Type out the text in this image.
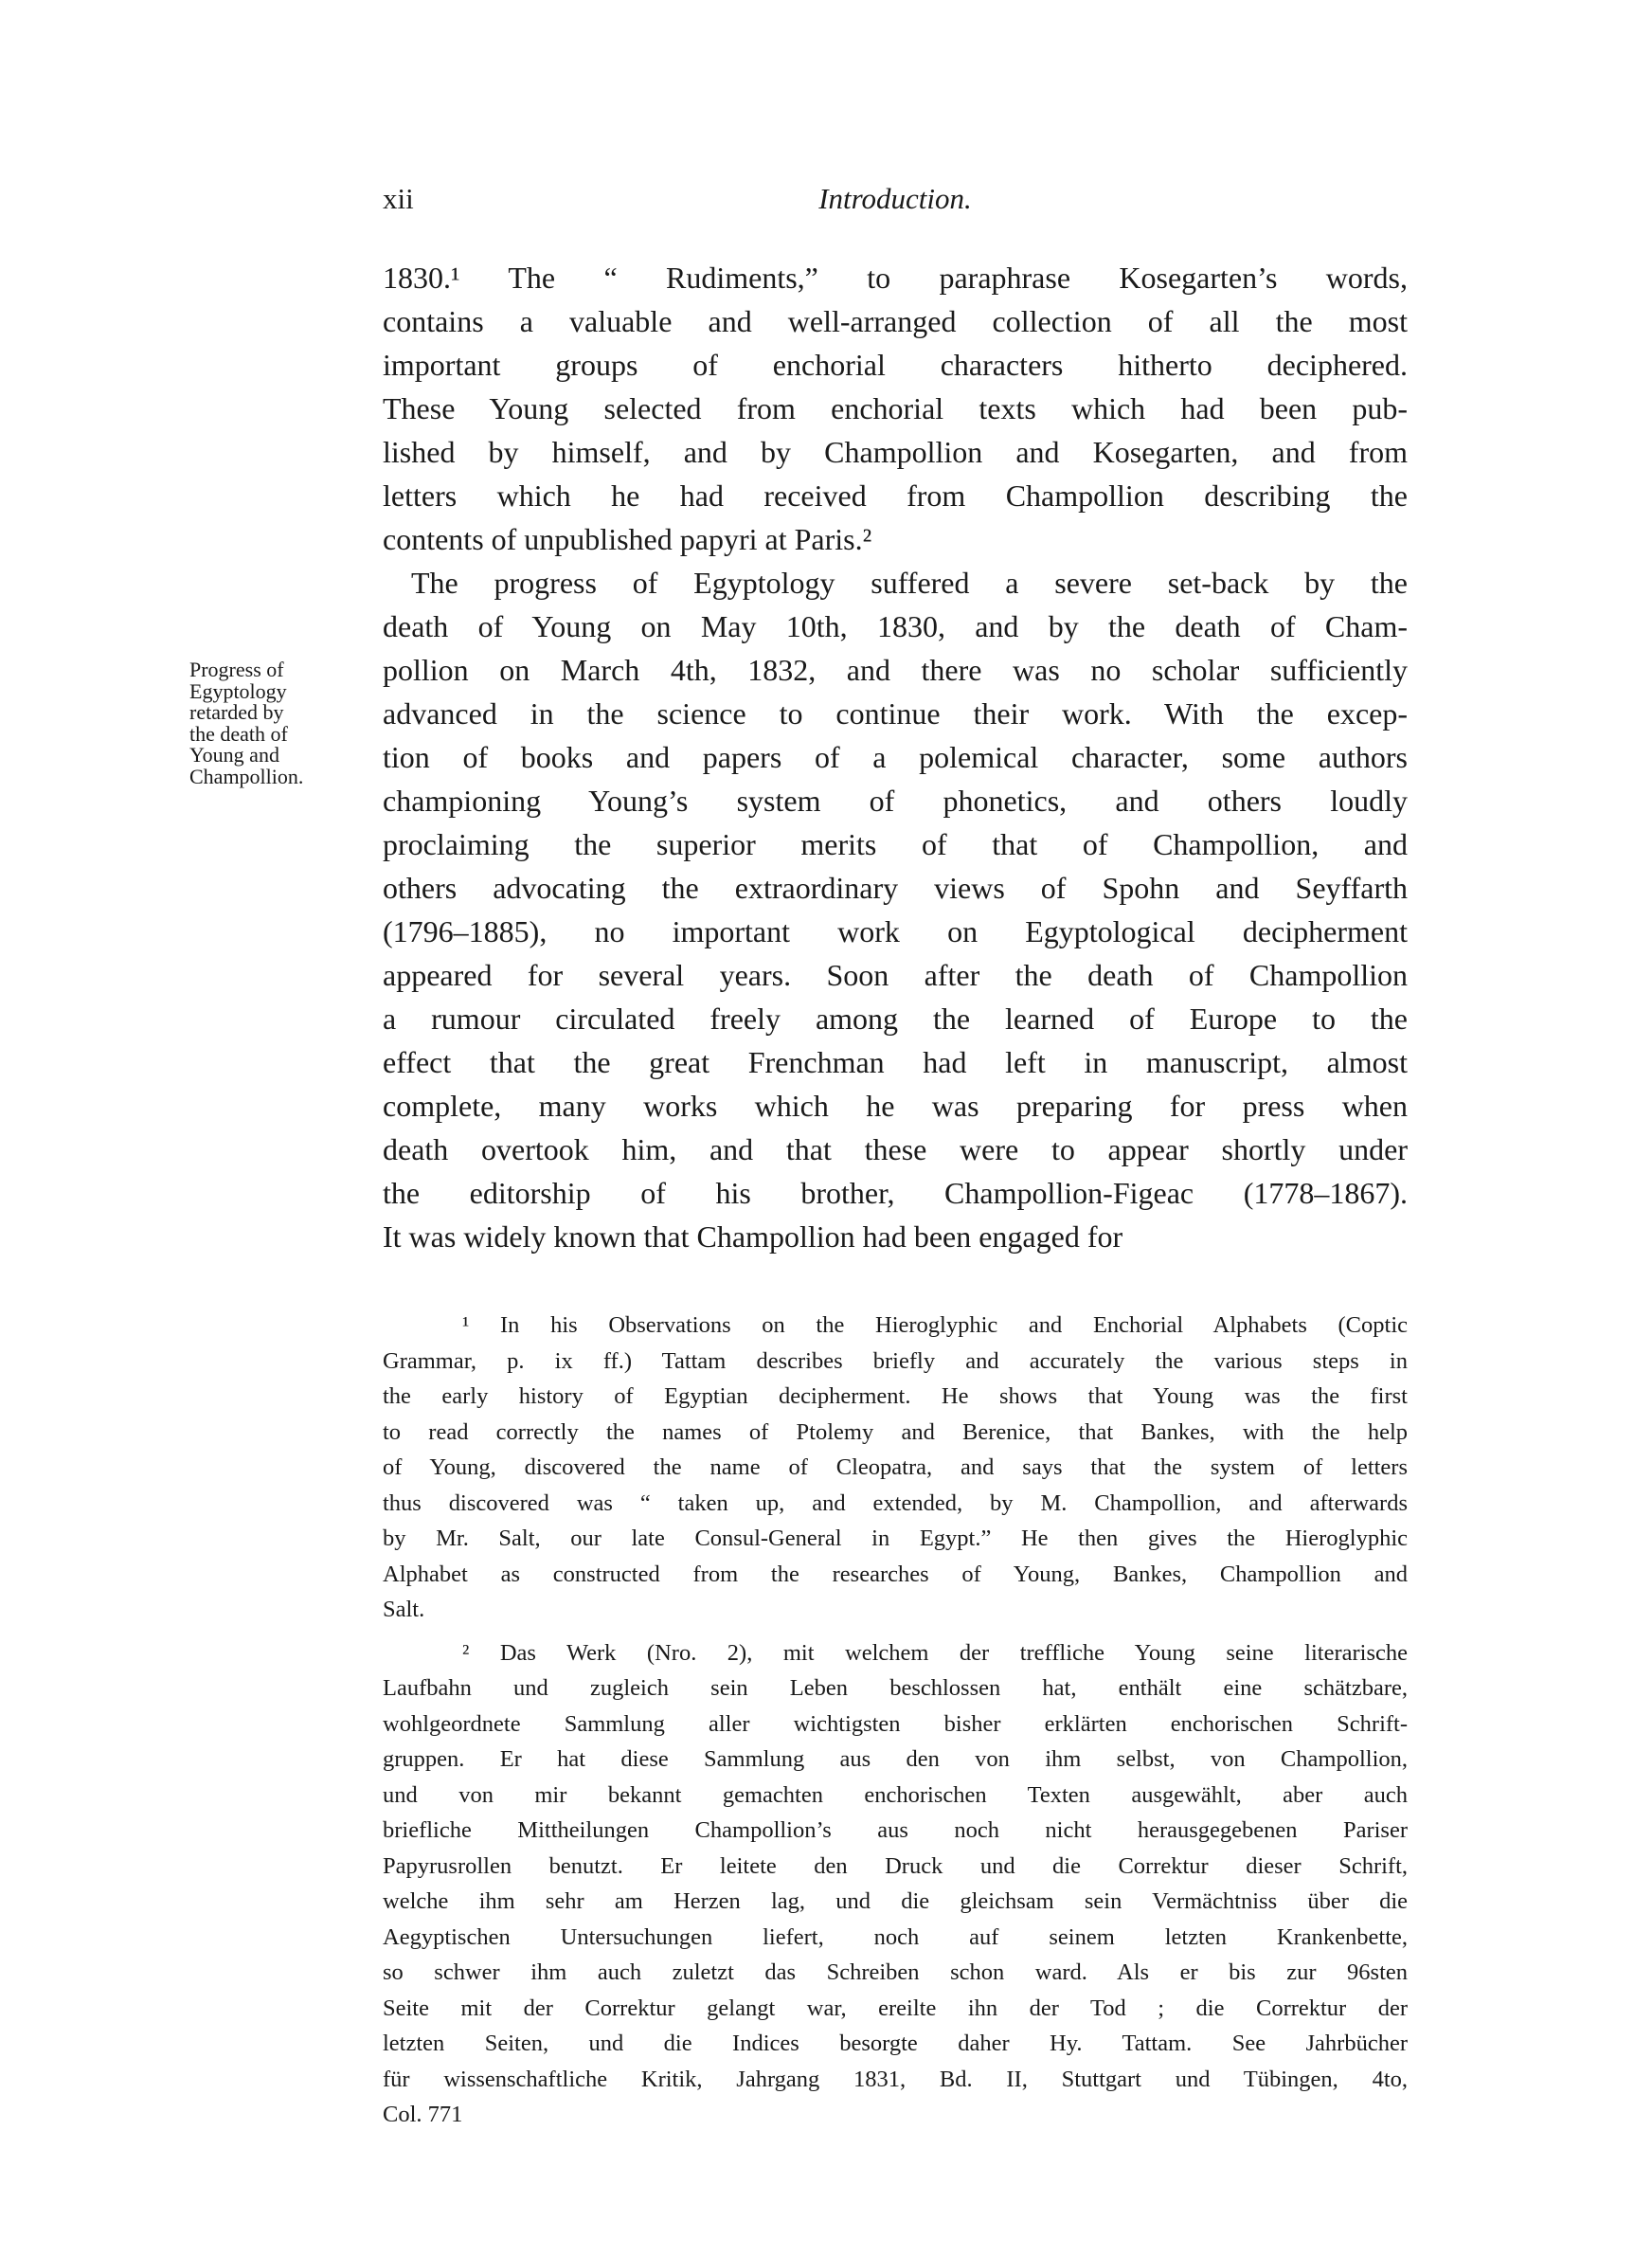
xii	Introduction.
1830.¹ The “ Rudiments,” to paraphrase Kosegarten’s words,
contains a valuable and well-arranged collection of all the most
important groups of enchorial characters hitherto deciphered.
These Young selected from enchorial texts which had been pub-
lished by himself, and by Champollion and Kosegarten, and from
letters which he had received from Champollion describing the
contents of unpublished papyri at Paris.²
The progress of Egyptology suffered a severe set-back by the
death of Young on May 10th, 1830, and by the death of Cham-
pollion on March 4th, 1832, and there was no scholar sufficiently
advanced in the science to continue their work. With the excep-
tion of books and papers of a polemical character, some authors
championing Young’s system of phonetics, and others loudly
proclaiming the superior merits of that of Champollion, and
others advocating the extraordinary views of Spohn and Seyffarth
(1796–1885), no important work on Egyptological decipherment
appeared for several years. Soon after the death of Champollion
a rumour circulated freely among the learned of Europe to the
effect that the great Frenchman had left in manuscript, almost
complete, many works which he was preparing for press when
death overtook him, and that these were to appear shortly under
the editorship of his brother, Champollion-Figeac (1778–1867).
It was widely known that Champollion had been engaged for
Progress of
Egyptology
retarded by
the death of
Young and
Champollion.
¹ In his Observations on the Hieroglyphic and Enchorial Alphabets (Coptic
Grammar, p. ix ff.) Tattam describes briefly and accurately the various steps in
the early history of Egyptian decipherment. He shows that Young was the first
to read correctly the names of Ptolemy and Berenice, that Bankes, with the help
of Young, discovered the name of Cleopatra, and says that the system of letters
thus discovered was “ taken up, and extended, by M. Champollion, and afterwards
by Mr. Salt, our late Consul-General in Egypt.” He then gives the Hieroglyphic
Alphabet as constructed from the researches of Young, Bankes, Champollion and
Salt.
² Das Werk (Nro. 2), mit welchem der treffliche Young seine literarische
Laufbahn und zugleich sein Leben beschlossen hat, enthält eine schätzbare,
wohlgeordnete Sammlung aller wichtigsten bisher erklärten enchorischen Schrift-
gruppen. Er hat diese Sammlung aus den von ihm selbst, von Champollion,
und von mir bekannt gemachten enchorischen Texten ausgewählt, aber auch
briefliche Mittheilungen Champollion’s aus noch nicht herausgegebenen Pariser
Papyrusrollen benutzt. Er leitete den Druck und die Correktur dieser Schrift,
welche ihm sehr am Herzen lag, und die gleichsam sein Vermächtniss über die
Aegyptischen Untersuchungen liefert, noch auf seinem letzten Krankenbette,
so schwer ihm auch zuletzt das Schreiben schon ward. Als er bis zur 96sten
Seite mit der Correktur gelangt war, ereilte ihn der Tod ; die Correktur der
letzten Seiten, und die Indices besorgte daher Hy. Tattam. See Jahrbücher
für wissenschaftliche Kritik, Jahrgang 1831, Bd. II, Stuttgart und Tübingen, 4to,
Col. 771
